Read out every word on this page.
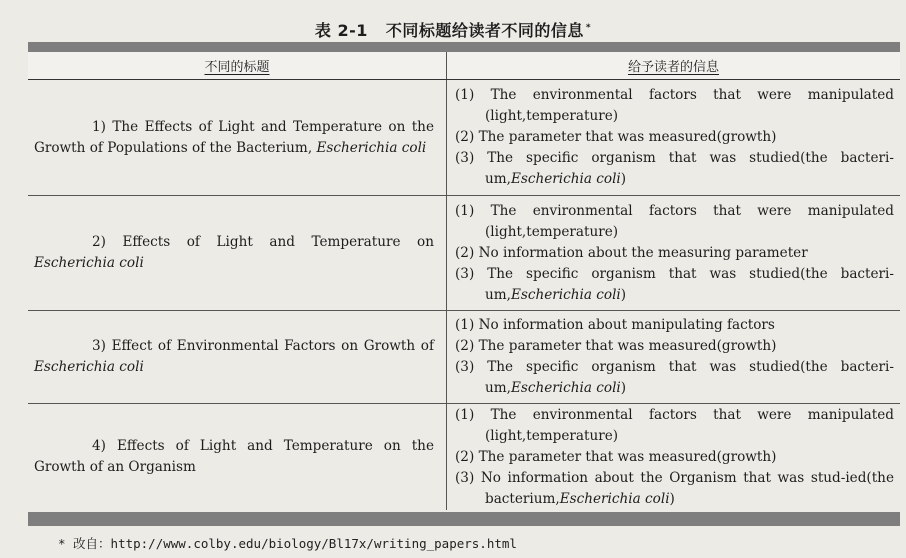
表 2-1 不同标题给读者不同的信息 *
不同的标题	给予读者的信息

1) The Effects of Light and Temperature on the Growth of Populations of the Bacterium, Escherichia coli	(1) The environmental factors that were manipulated (light,temperature)
(2) The parameter that was measured(growth)
(3) The specific organism that was studied(the bacteri-um,Escherichia coli)

2) Effects of Light and Temperature on Escherichia coli	(1) The environmental factors that were manipulated (light,temperature)
(2) No information about the measuring parameter
(3) The specific organism that was studied(the bacteri-um,Escherichia coli)

3) Effect of Environmental Factors on Growth of Escherichia coli	(1) No information about manipulating factors
(2) The parameter that was measured(growth)
(3) The specific organism that was studied(the bacteri-um,Escherichia coli)

4) Effects of Light and Temperature on the Growth of an Organism	(1) The environmental factors that were manipulated (light,temperature)
(2) The parameter that was measured(growth)
(3) No information about the Organism that was stud-ied(the bacterium,Escherichia coli)
* 改自：http://www.colby.edu/biology/Bl17x/writing_papers.html
